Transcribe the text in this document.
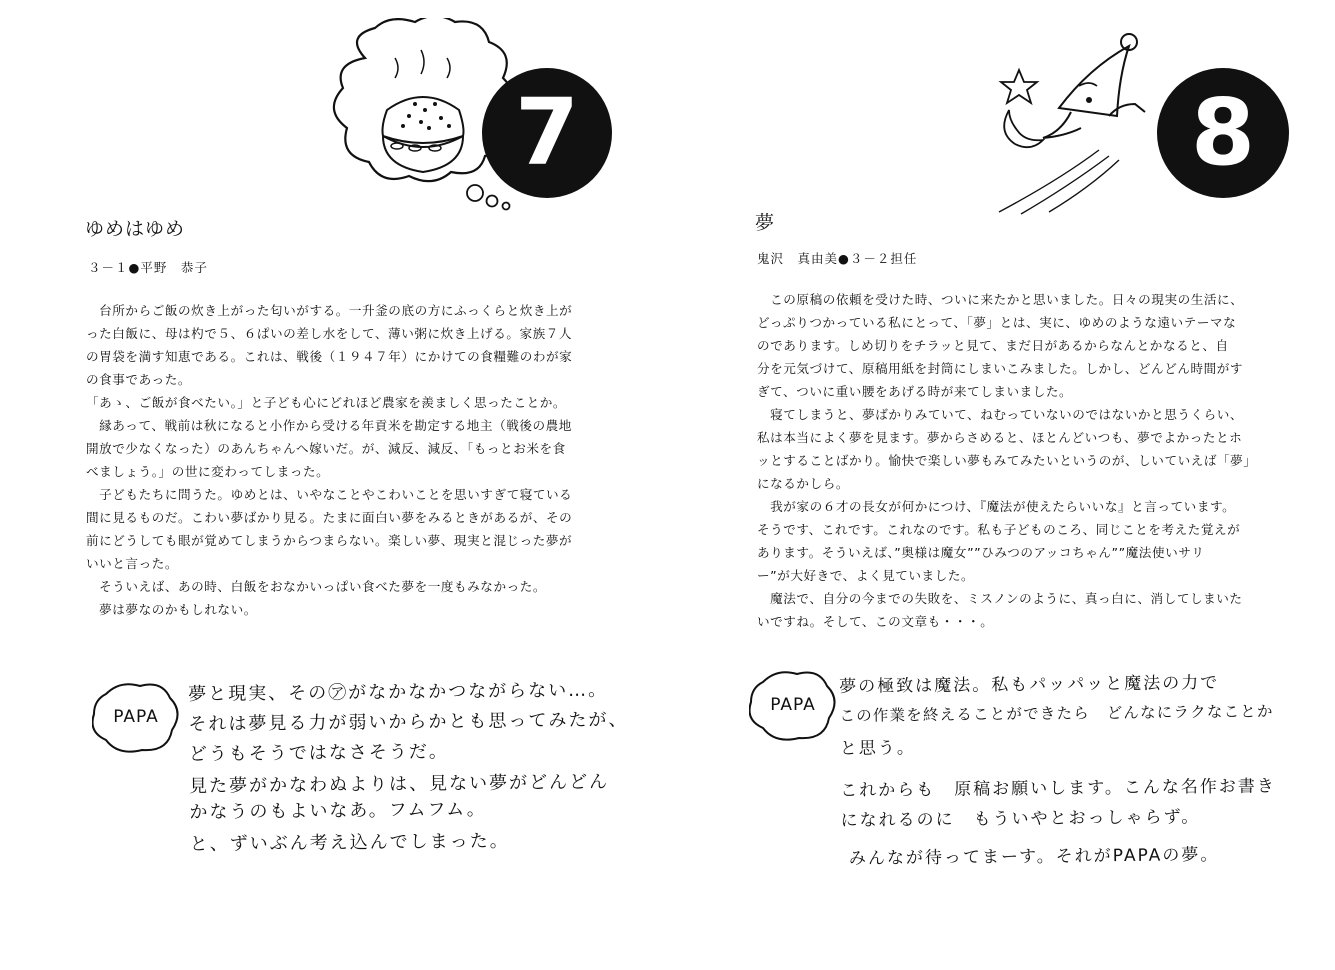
7
ゆめはゆめ
３－１●平野　恭子
　台所からご飯の炊き上がった匂いがする。一升釜の底の方にふっくらと炊き上が
った白飯に、母は杓で５、６ぱいの差し水をして、薄い粥に炊き上げる。家族７人
の胃袋を満す知恵である。これは、戦後（１９４７年）にかけての食糧難のわが家
の食事であった。
「あゝ、ご飯が食べたい。」と子ども心にどれほど農家を羨ましく思ったことか。
　縁あって、戦前は秋になると小作から受ける年貢米を勘定する地主（戦後の農地
開放で少なくなった）のあんちゃんへ嫁いだ。が、減反、減反、「もっとお米を食
べましょう。」の世に変わってしまった。
　子どもたちに問うた。ゆめとは、いやなことやこわいことを思いすぎて寝ている
間に見るものだ。こわい夢ばかり見る。たまに面白い夢をみるときがあるが、その
前にどうしても眼が覚めてしまうからつまらない。楽しい夢、現実と混じった夢が
いいと言った。
　そういえば、あの時、白飯をおなかいっぱい食べた夢を一度もみなかった。
　夢は夢なのかもしれない。
PAPA
夢と現実、その㋐がなかなかつながらない…。
それは夢見る力が弱いからかとも思ってみたが、
どうもそうではなさそうだ。
見た夢がかなわぬよりは、見ない夢がどんどん
かなうのもよいなあ。フムフム。
と、ずいぶん考え込んでしまった。
8
夢
鬼沢　真由美●３－２担任
　この原稿の依頼を受けた時、ついに来たかと思いました。日々の現実の生活に、
どっぷりつかっている私にとって、「夢」とは、実に、ゆめのような遠いテーマな
のであります。しめ切りをチラッと見て、まだ日があるからなんとかなると、自
分を元気づけて、原稿用紙を封筒にしまいこみました。しかし、どんどん時間がす
ぎて、ついに重い腰をあげる時が来てしまいました。
　寝てしまうと、夢ばかりみていて、ねむっていないのではないかと思うくらい、
私は本当によく夢を見ます。夢からさめると、ほとんどいつも、夢でよかったとホ
ッとすることばかり。愉快で楽しい夢もみてみたいというのが、しいていえば「夢」
になるかしら。
　我が家の６才の長女が何かにつけ、『魔法が使えたらいいな』と言っています。
そうです、これです。これなのです。私も子どものころ、同じことを考えた覚えが
あります。そういえば、”奥様は魔女””ひみつのアッコちゃん””魔法使いサリ
ー”が大好きで、よく見ていました。
　魔法で、自分の今までの失敗を、ミスノンのように、真っ白に、消してしまいた
いですね。そして、この文章も・・・。
PAPA
夢の極致は魔法。私もパッパッと魔法の力で
この作業を終えることができたら　どんなにラクなことか
と思う。
これからも　原稿お願いします。こんな名作お書き
になれるのに　もういやとおっしゃらず。
みんなが待ってまーす。それがPAPAの夢。
